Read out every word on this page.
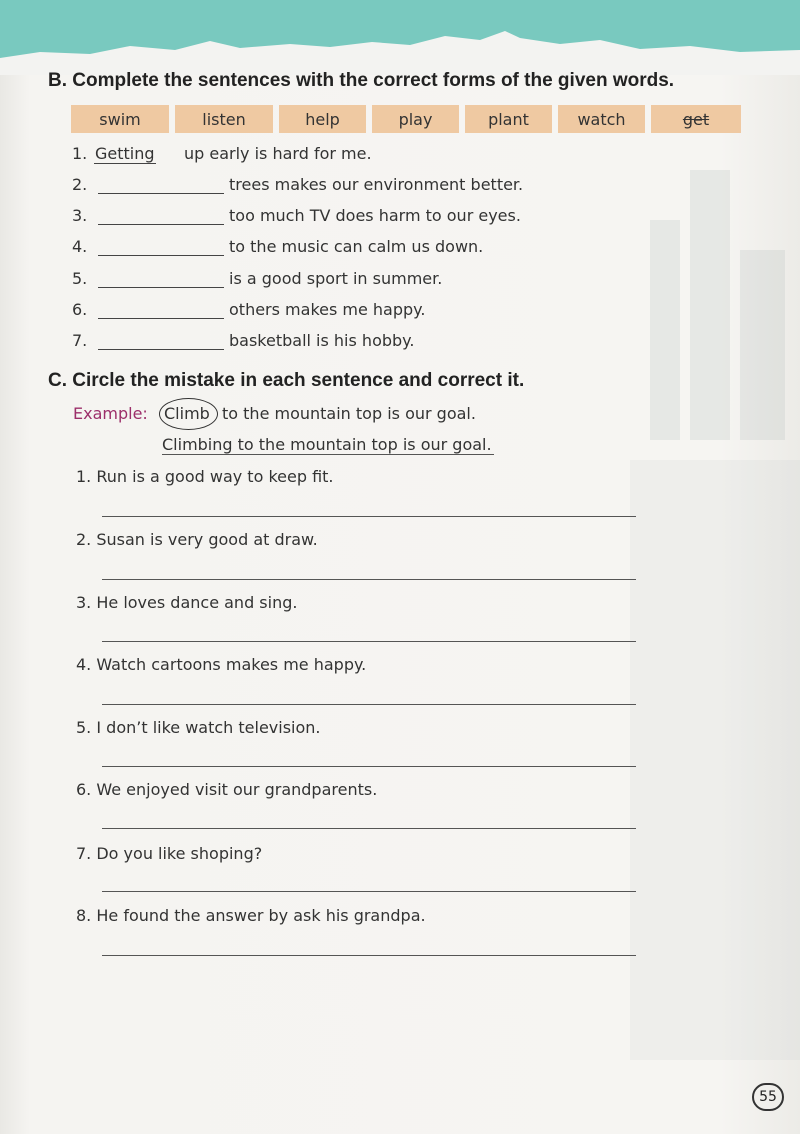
B. Complete the sentences with the correct forms of the given words.
swim	listen	help	play	plant	watch	get
1. Getting up early is hard for me.
2.	trees makes our environment better.
3.	too much TV does harm to our eyes.
4.	to the music can calm us down.
5.	is a good sport in summer.
6.	others makes me happy.
7.	basketball is his hobby.
C. Circle the mistake in each sentence and correct it.
Example: Climb to the mountain top is our goal.
Climbing to the mountain top is our goal.
1. Run is a good way to keep fit.
2. Susan is very good at draw.
3. He loves dance and sing.
4. Watch cartoons makes me happy.
5. I don’t like watch television.
6. We enjoyed visit our grandparents.
7. Do you like shoping?
8. He found the answer by ask his grandpa.
55
